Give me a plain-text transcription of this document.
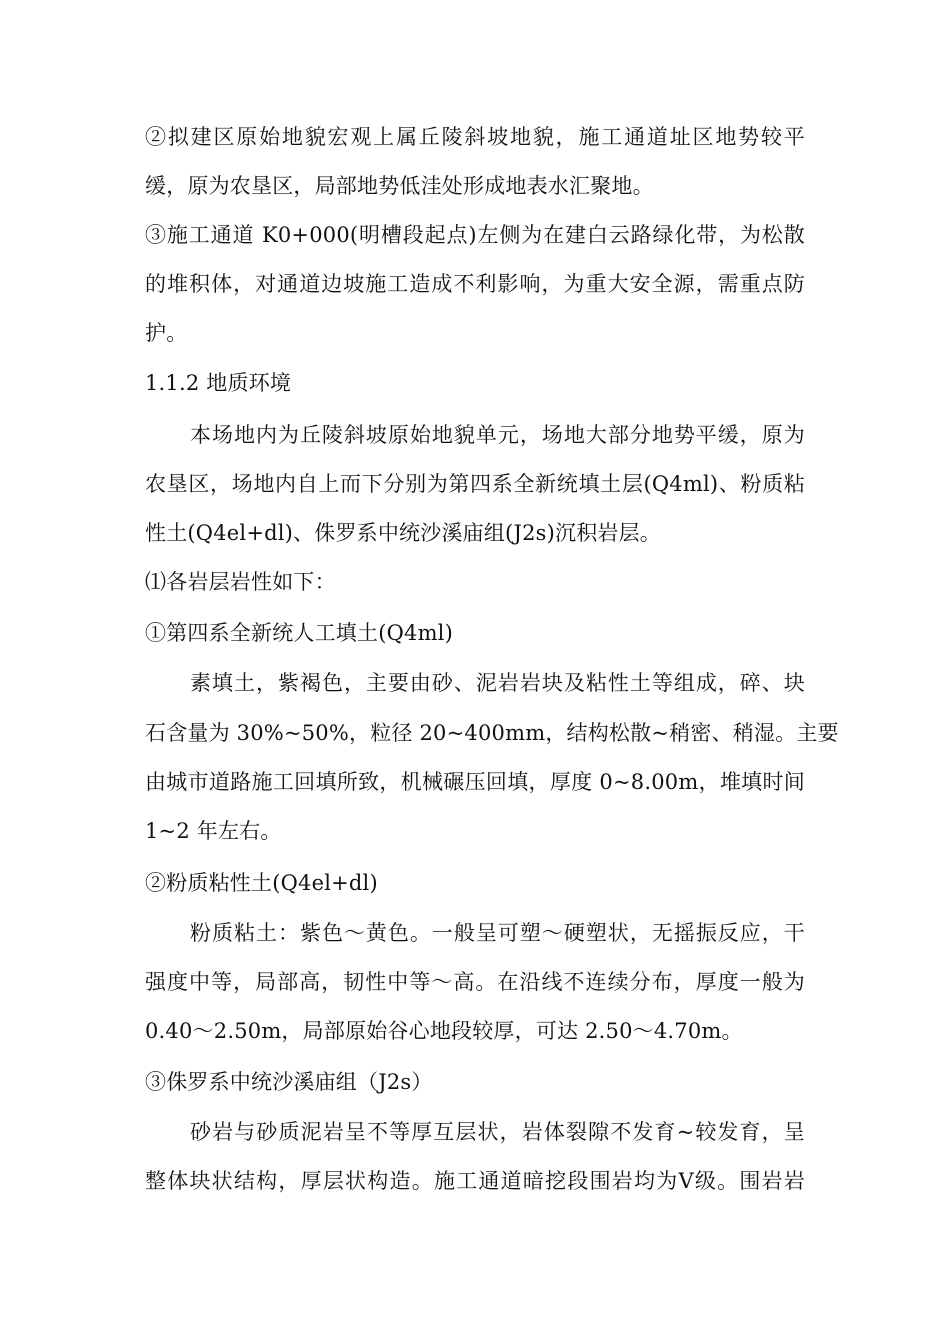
②拟建区原始地貌宏观上属丘陵斜坡地貌，施工通道址区地势较平
缓，原为农垦区，局部地势低洼处形成地表水汇聚地。
③施工通道 K0+000(明槽段起点)左侧为在建白云路绿化带，为松散
的堆积体，对通道边坡施工造成不利影响，为重大安全源，需重点防
护。
1.1.2 地质环境
本场地内为丘陵斜坡原始地貌单元，场地大部分地势平缓，原为
农垦区，场地内自上而下分别为第四系全新统填土层(Q4ml)、粉质粘
性土(Q4el+dl)、侏罗系中统沙溪庙组(J2s)沉积岩层。
⑴各岩层岩性如下：
①第四系全新统人工填土(Q4ml)
素填土，紫褐色，主要由砂、泥岩岩块及粘性土等组成，碎、块
石含量为 30%~50%，粒径 20~400mm，结构松散~稍密、稍湿。主要
由城市道路施工回填所致，机械碾压回填，厚度 0~8.00m，堆填时间
1~2 年左右。
②粉质粘性土(Q4el+dl)
粉质粘土：紫色～黄色。一般呈可塑～硬塑状，无摇振反应，干
强度中等，局部高，韧性中等～高。在沿线不连续分布，厚度一般为
0.40～2.50m，局部原始谷心地段较厚，可达 2.50～4.70m。
③侏罗系中统沙溪庙组（J2s）
砂岩与砂质泥岩呈不等厚互层状，岩体裂隙不发育~较发育，呈
整体块状结构，厚层状构造。施工通道暗挖段围岩均为Ⅴ级。围岩岩
